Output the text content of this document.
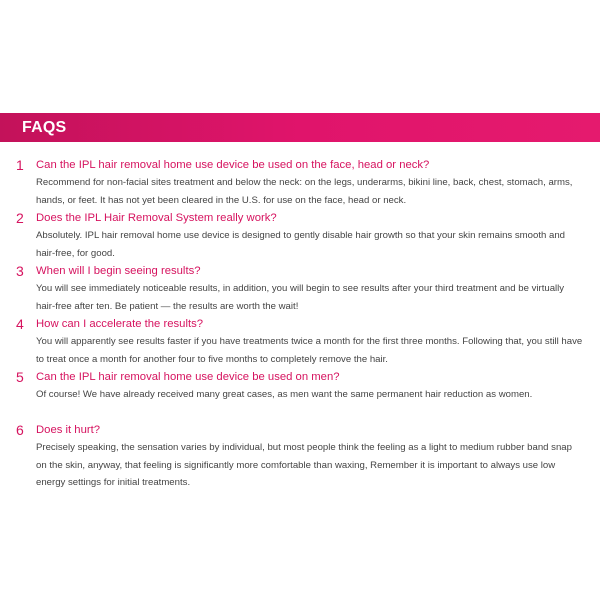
FAQS
1 Can the IPL hair removal home use device be used on the face, head or neck?

Recommend for non-facial sites treatment and below the neck: on the legs, underarms, bikini line, back, chest, stomach, arms, hands, or feet. It has not yet been cleared in the U.S. for use on the face, head or neck.

2 Does the IPL Hair Removal System really work?

Absolutely. IPL hair removal home use device is designed to gently disable hair growth so that your skin remains smooth and hair-free, for good.

3 When will I begin seeing results?

You will see immediately noticeable results, in addition, you will begin to see results after your third treatment and be virtually hair-free after ten. Be patient — the results are worth the wait!

4 How can I accelerate the results?

You will apparently see results faster if you have treatments twice a month for the first three months. Following that, you still have to treat once a month for another four to five months to completely remove the hair.

5 Can the IPL hair removal home use device be used on men?

Of course! We have already received many great cases, as men want the same permanent hair reduction as women.

6 Does it hurt?

Precisely speaking, the sensation varies by individual, but most people think the feeling as a light to medium rubber band snap on the skin, anyway, that feeling is significantly more comfortable than waxing, Remember it is important to always use low energy settings for initial treatments.
